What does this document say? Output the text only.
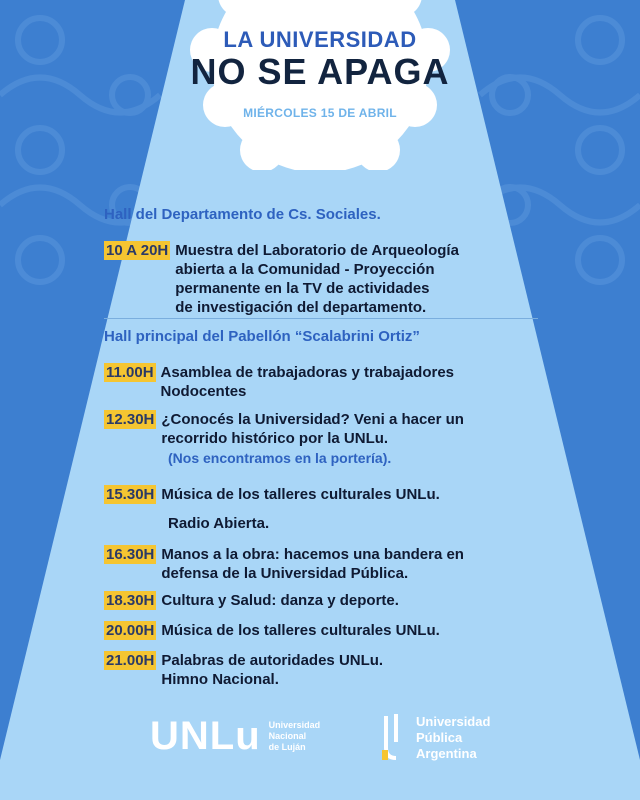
LA UNIVERSIDAD
NO SE APAGA
MIÉRCOLES 15 DE ABRIL
Hall del Departamento de Cs. Sociales.
10 A 20H Muestra del Laboratorio de Arqueología
abierta a la Comunidad - Proyección
permanente en la TV de actividades
de investigación del departamento.
Hall principal del Pabellón “Scalabrini Ortiz”
11.00H Asamblea de trabajadoras y trabajadores
Nodocentes
12.30H ¿Conocés la Universidad? Veni a hacer un
recorrido histórico por la UNLu.
(Nos encontramos en la portería).
15.30H Música de los talleres culturales UNLu.
Radio Abierta.
16.30H Manos a la obra: hacemos una bandera en
defensa de la Universidad Pública.
18.30H Cultura y Salud: danza y deporte.
20.00H Música de los talleres culturales UNLu.
21.00H Palabras de autoridades UNLu.
Himno Nacional.
UNLu Universidad
Nacional
de Luján
Universidad
Pública
Argentina
